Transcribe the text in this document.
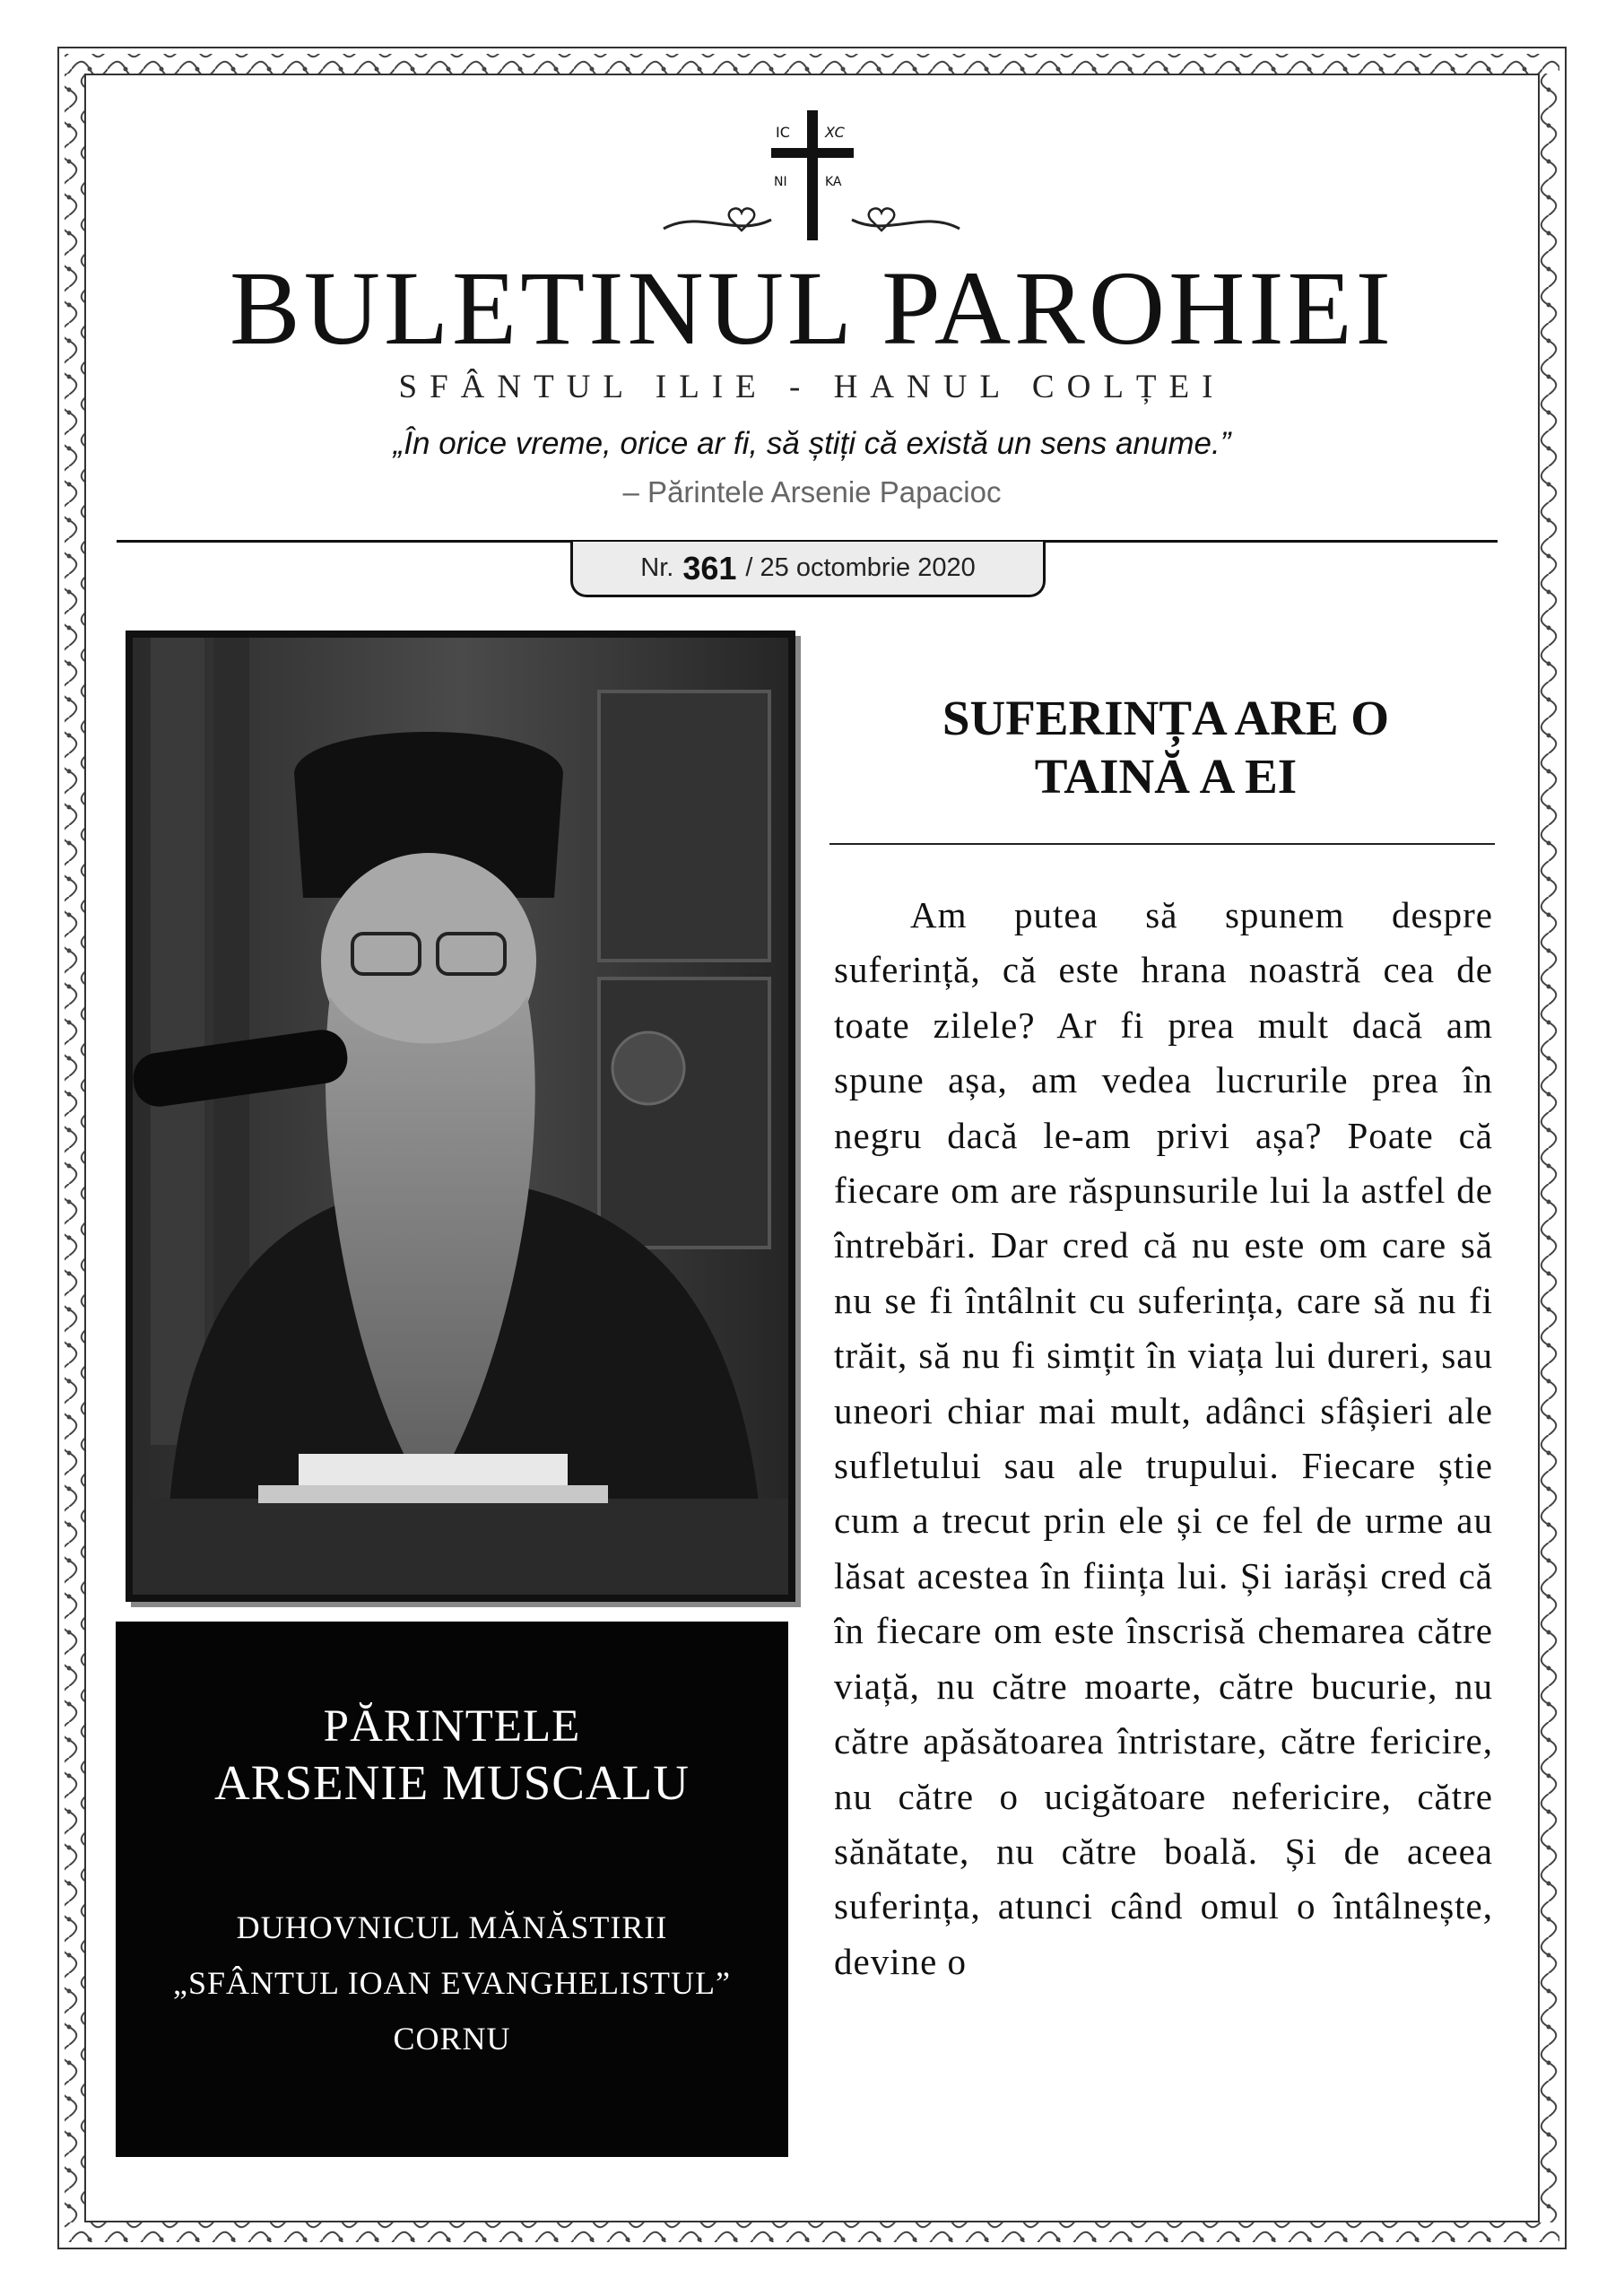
IC XC
NI	KA
BULETINUL PAROHIEI
SFÂNTUL ILIE - HANUL COLȚEI
„În orice vreme, orice ar fi, să știți că există un sens anume.”
– Părintele Arsenie Papacioc
Nr. 361 / 25 octombrie 2020
PĂRINTELE
ARSENIE MUSCALU
DUHOVNICUL MĂNĂSTIRII
„SFÂNTUL IOAN EVANGHELISTUL”
CORNU
SUFERINȚA ARE O
TAINĂ A EI

Am putea să spunem despre suferință, că este hrana noastră cea de toate zilele? Ar fi prea mult dacă am spune așa, am vedea lucrurile prea în negru dacă le-am privi așa? Poate că fiecare om are răspunsurile lui la astfel de întrebări. Dar cred că nu este om care să nu se fi întâlnit cu suferința, care să nu fi trăit, să nu fi simțit în viața lui dureri, sau uneori chiar mai mult, adânci sfâșieri ale sufletului sau ale trupului. Fiecare știe cum a trecut prin ele și ce fel de urme au lăsat acestea în ființa lui. Și iarăși cred că în fiecare om este înscrisă chemarea către viață, nu către moarte, către bucurie, nu către apăsătoarea întristare, către fericire, nu către o ucigătoare nefericire, către sănătate, nu către boală. Și de aceea suferința, atunci când omul o întâlnește, devine o
